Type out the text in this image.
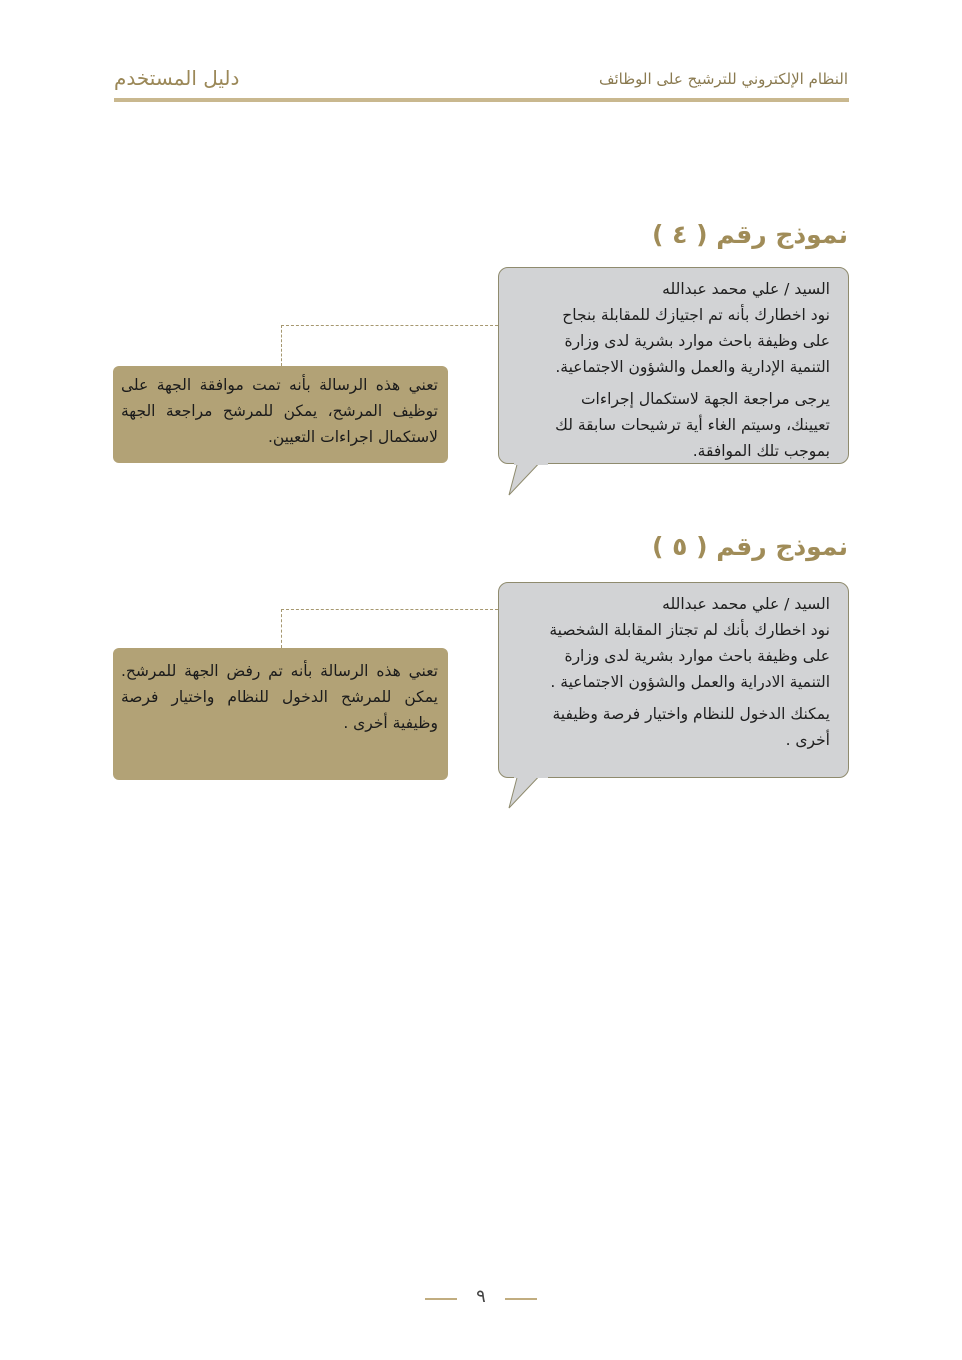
النظام الإلكتروني للترشيح على الوظائف
دليل المستخدم
نموذج رقم ( ٤ )

السيد / علي محمد عبدالله

نود اخطارك بأنه تم اجتيازك للمقابلة بنجاح
على وظيفة باحث موارد بشرية لدى وزارة
التنمية الإدارية والعمل والشؤون الاجتماعية.

يرجى مراجعة الجهة لاستكمال إجراءات
تعيينك، وسيتم الغاء أية ترشيحات سابقة لك
بموجب تلك الموافقة.

تعني هذه الرسالة بأنه تمت موافقة الجهة على توظيف المرشح، يمكن للمرشح مراجعة الجهة لاستكمال اجراءات التعيين.
نموذج رقم ( ٥ )

السيد / علي محمد عبدالله

نود اخطارك بأنك لم تجتاز المقابلة الشخصية
على وظيفة باحث موارد بشرية لدى وزارة
التنمية الادراية والعمل والشؤون الاجتماعية .

يمكنك الدخول للنظام واختيار فرصة وظيفية
أخرى .

تعني هذه الرسالة بأنه تم رفض الجهة للمرشح. يمكن للمرشح الدخول للنظام واختيار فرصة وظيفية أخرى .
٩
